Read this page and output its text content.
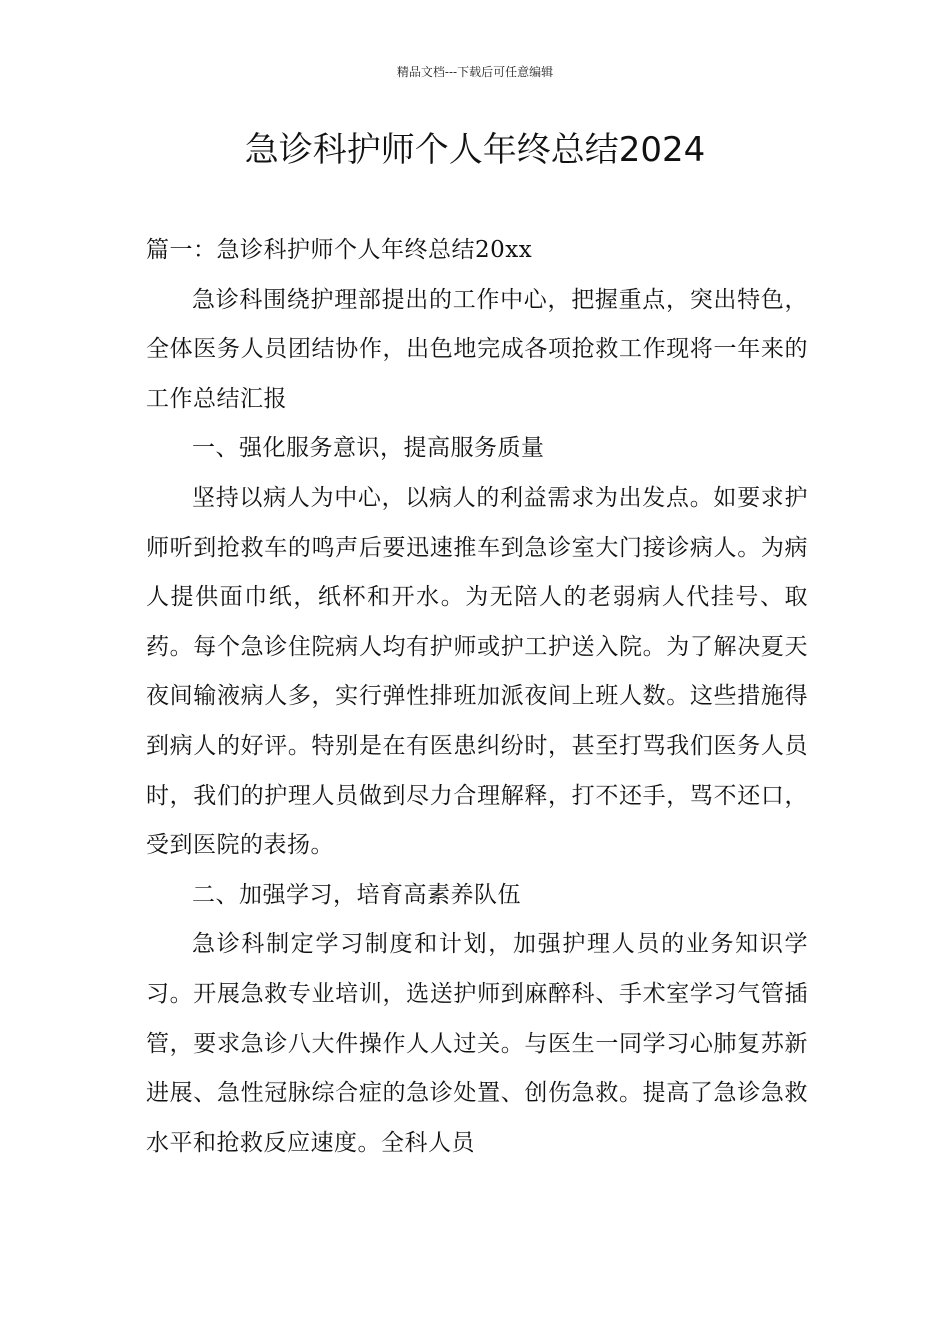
精品文档---下载后可任意编辑
急诊科护师个人年终总结2024

篇一：急诊科护师个人年终总结20xx

急诊科围绕护理部提出的工作中心，把握重点，突出特色，全体医务人员团结协作，出色地完成各项抢救工作现将一年来的工作总结汇报

一、强化服务意识，提高服务质量

坚持以病人为中心，以病人的利益需求为出发点。如要求护师听到抢救车的鸣声后要迅速推车到急诊室大门接诊病人。为病人提供面巾纸，纸杯和开水。为无陪人的老弱病人代挂号、取药。每个急诊住院病人均有护师或护工护送入院。为了解决夏天夜间输液病人多，实行弹性排班加派夜间上班人数。这些措施得到病人的好评。特别是在有医患纠纷时，甚至打骂我们医务人员时，我们的护理人员做到尽力合理解释，打不还手，骂不还口，受到医院的表扬。

二、加强学习，培育高素养队伍

急诊科制定学习制度和计划，加强护理人员的业务知识学习。开展急救专业培训，选送护师到麻醉科、手术室学习气管插管，要求急诊八大件操作人人过关。与医生一同学习心肺复苏新进展、急性冠脉综合症的急诊处置、创伤急救。提高了急诊急救水平和抢救反应速度。全科人员
